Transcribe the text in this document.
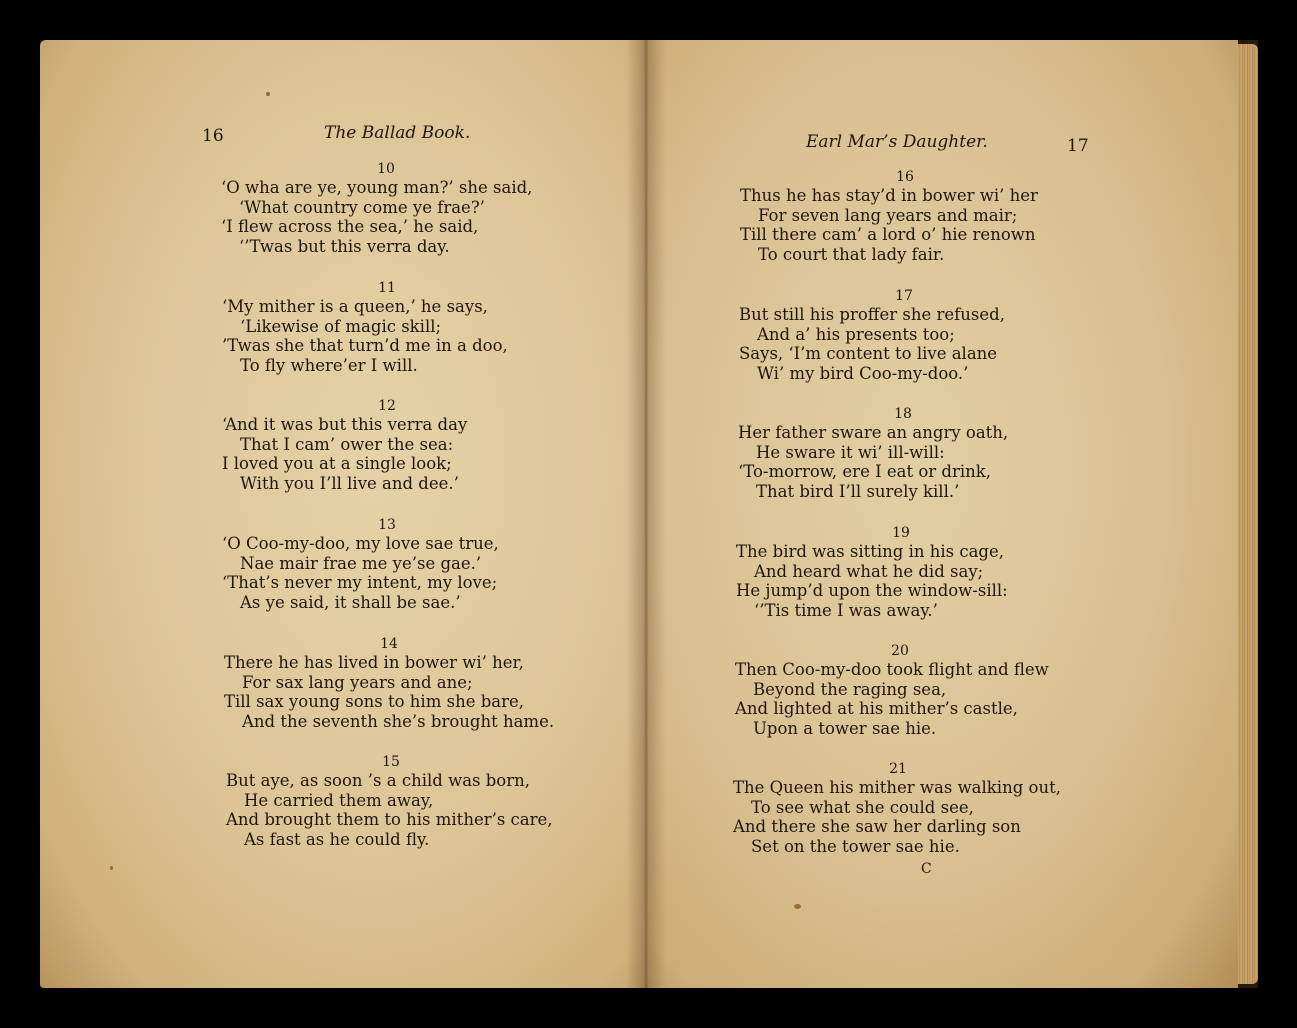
16	The Ballad Book.
10
‘O wha are ye, young man?’ she said,
‘What country come ye frae?’
‘I flew across the sea,’ he said,
‘’Twas but this verra day.
11
‘My mither is a queen,’ he says,
‘Likewise of magic skill;
’Twas she that turn’d me in a doo,
To fly where’er I will.
12
‘And it was but this verra day
That I cam’ ower the sea:
I loved you at a single look;
With you I’ll live and dee.’
13
‘O Coo-my-doo, my love sae true,
Nae mair frae me ye’se gae.’
‘That’s never my intent, my love;
As ye said, it shall be sae.’
14
There he has lived in bower wi’ her,
For sax lang years and ane;
Till sax young sons to him she bare,
And the seventh she’s brought hame.
15
But aye, as soon ’s a child was born,
He carried them away,
And brought them to his mither’s care,
As fast as he could fly.
Earl Mar’s Daughter.	17
16
Thus he has stay’d in bower wi’ her
For seven lang years and mair;
Till there cam’ a lord o’ hie renown
To court that lady fair.
17
But still his proffer she refused,
And a’ his presents too;
Says, ‘I’m content to live alane
Wi’ my bird Coo-my-doo.’
18
Her father sware an angry oath,
He sware it wi’ ill-will:
‘To-morrow, ere I eat or drink,
That bird I’ll surely kill.’
19
The bird was sitting in his cage,
And heard what he did say;
He jump’d upon the window-sill:
‘’Tis time I was away.’
20
Then Coo-my-doo took flight and flew
Beyond the raging sea,
And lighted at his mither’s castle,
Upon a tower sae hie.
21
The Queen his mither was walking out,
To see what she could see,
And there she saw her darling son
Set on the tower sae hie.
C
